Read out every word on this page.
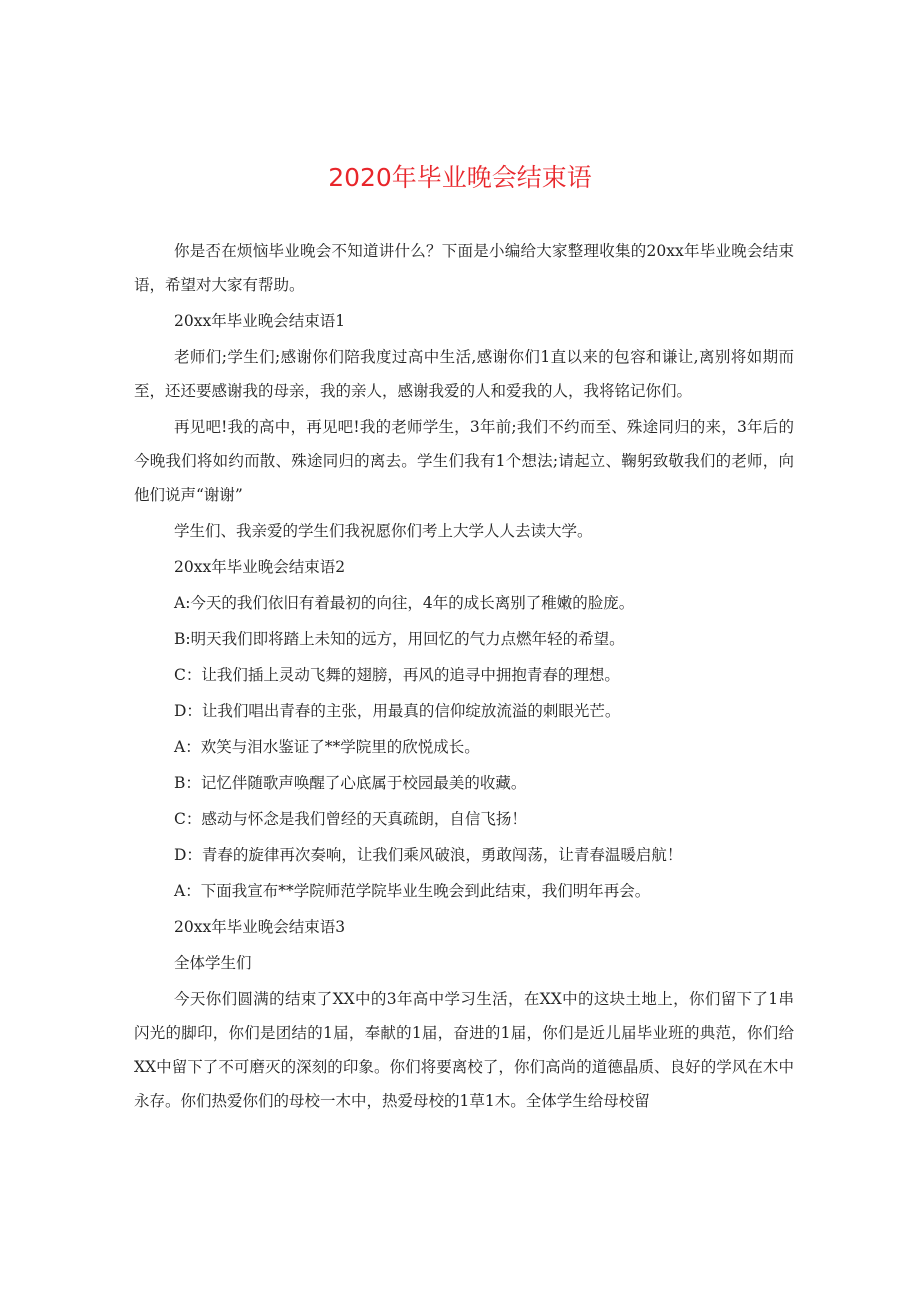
2020年毕业晚会结束语

你是否在烦恼毕业晚会不知道讲什么？下面是小编给大家整理收集的20xx年毕业晚会结束语，希望对大家有帮助。

20xx年毕业晚会结束语1

老师们;学生们;感谢你们陪我度过高中生活,感谢你们1直以来的包容和谦让,离别将如期而至，还还要感谢我的母亲，我的亲人，感谢我爱的人和爱我的人，我将铭记你们。

再见吧!我的高中，再见吧!我的老师学生，3年前;我们不约而至、殊途同归的来，3年后的今晚我们将如约而散、殊途同归的离去。学生们我有1个想法;请起立、鞠躬致敬我们的老师，向他们说声“谢谢”

学生们、我亲爱的学生们我祝愿你们考上大学人人去读大学。

20xx年毕业晚会结束语2

A:今天的我们依旧有着最初的向往，4年的成长离别了稚嫩的脸庞。

B:明天我们即将踏上未知的远方，用回忆的气力点燃年轻的希望。

C：让我们插上灵动飞舞的翅膀，再风的追寻中拥抱青春的理想。

D：让我们唱出青春的主张，用最真的信仰绽放流溢的刺眼光芒。

A：欢笑与泪水鉴证了**学院里的欣悦成长。

B：记忆伴随歌声唤醒了心底属于校园最美的收藏。

C：感动与怀念是我们曾经的天真疏朗，自信飞扬！

D：青春的旋律再次奏响，让我们乘风破浪，勇敢闯荡，让青春温暖启航！

A：下面我宣布**学院师范学院毕业生晚会到此结束，我们明年再会。

20xx年毕业晚会结束语3

全体学生们

今天你们圆满的结束了XX中的3年高中学习生活，在XX中的这块土地上，你们留下了1串闪光的脚印，你们是团结的1届，奉献的1届，奋进的1届，你们是近儿届毕业班的典范，你们给XX中留下了不可磨灭的深刻的印象。你们将要离校了，你们高尚的道德晶质、良好的学风在木中永存。你们热爱你们的母校一木中，热爱母校的1草1木。全体学生给母校留
